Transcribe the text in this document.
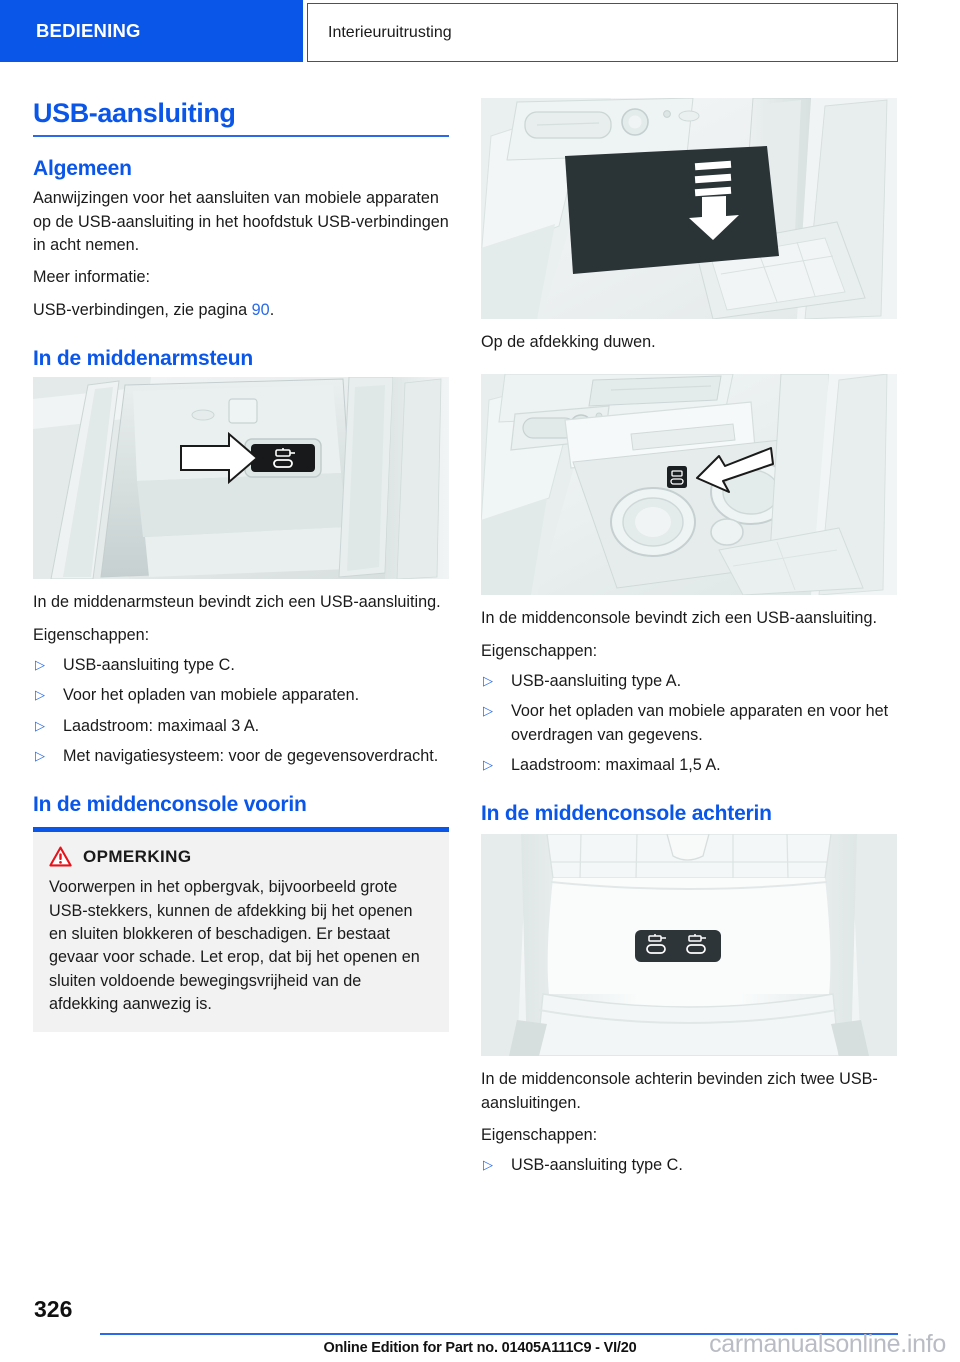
BEDIENING	Interieuruitrusting
USB-aansluiting
Algemeen
Aanwijzingen voor het aansluiten van mobiele apparaten op de USB-aansluiting in het hoofdstuk USB-verbindingen in acht nemen.
Meer informatie:
USB-verbindingen, zie pagina 90.
In de middenarmsteun
In de middenarmsteun bevindt zich een USB-aansluiting.
Eigenschappen:
▷	USB-aansluiting type C.
▷	Voor het opladen van mobiele apparaten.
▷	Laadstroom: maximaal 3 A.
▷	Met navigatiesysteem: voor de gegevensoverdracht.
In de middenconsole voorin
OPMERKING
Voorwerpen in het opbergvak, bijvoorbeeld grote USB-stekkers, kunnen de afdekking bij het openen en sluiten blokkeren of beschadigen. Er bestaat gevaar voor schade. Let erop, dat bij het openen en sluiten voldoende bewegingsvrijheid van de afdekking aanwezig is.
Op de afdekking duwen.
In de middenconsole bevindt zich een USB-aansluiting.
Eigenschappen:
▷	USB-aansluiting type A.
▷	Voor het opladen van mobiele apparaten en voor het overdragen van gegevens.
▷	Laadstroom: maximaal 1,5 A.
In de middenconsole achterin
In de middenconsole achterin bevinden zich twee USB-aansluitingen.
Eigenschappen:
▷	USB-aansluiting type C.
326
Online Edition for Part no. 01405A111C9 - VI/20	carmanualsonline.info
